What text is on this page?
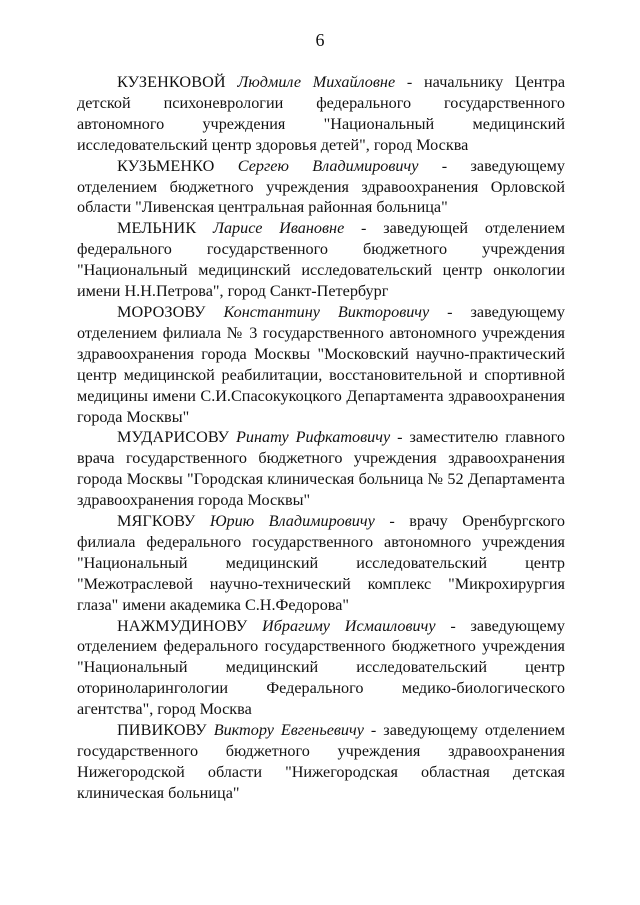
6

КУЗЕНКОВОЙ Людмиле Михайловне - начальнику Центра детской психоневрологии федерального государственного автономного учреждения "Национальный медицинский исследовательский центр здоровья детей", город Москва

КУЗЬМЕНКО Сергею Владимировичу - заведующему отделением бюджетного учреждения здравоохранения Орловской области "Ливенская центральная районная больница"

МЕЛЬНИК Ларисе Ивановне - заведующей отделением федерального государственного бюджетного учреждения "Национальный медицинский исследовательский центр онкологии имени Н.Н.Петрова", город Санкт-Петербург

МОРОЗОВУ Константину Викторовичу - заведующему отделением филиала № 3 государственного автономного учреждения здравоохранения города Москвы "Московский научно-практический центр медицинской реабилитации, восстановительной и спортивной медицины имени С.И.Спасокукоцкого Департамента здравоохранения города Москвы"

МУДАРИСОВУ Ринату Рифкатовичу - заместителю главного врача государственного бюджетного учреждения здравоохранения города Москвы "Городская клиническая больница № 52 Департамента здравоохранения города Москвы"

МЯГКОВУ Юрию Владимировичу - врачу Оренбургского филиала федерального государственного автономного учреждения "Национальный медицинский исследовательский центр "Межотраслевой научно-технический комплекс "Микрохирургия глаза" имени академика С.Н.Федорова"

НАЖМУДИНОВУ Ибрагиму Исмаиловичу - заведующему отделением федерального государственного бюджетного учреждения "Национальный медицинский исследовательский центр оториноларингологии Федерального медико-биологического агентства", город Москва

ПИВИКОВУ Виктору Евгеньевичу - заведующему отделением государственного бюджетного учреждения здравоохранения Нижегородской области "Нижегородская областная детская клиническая больница"
